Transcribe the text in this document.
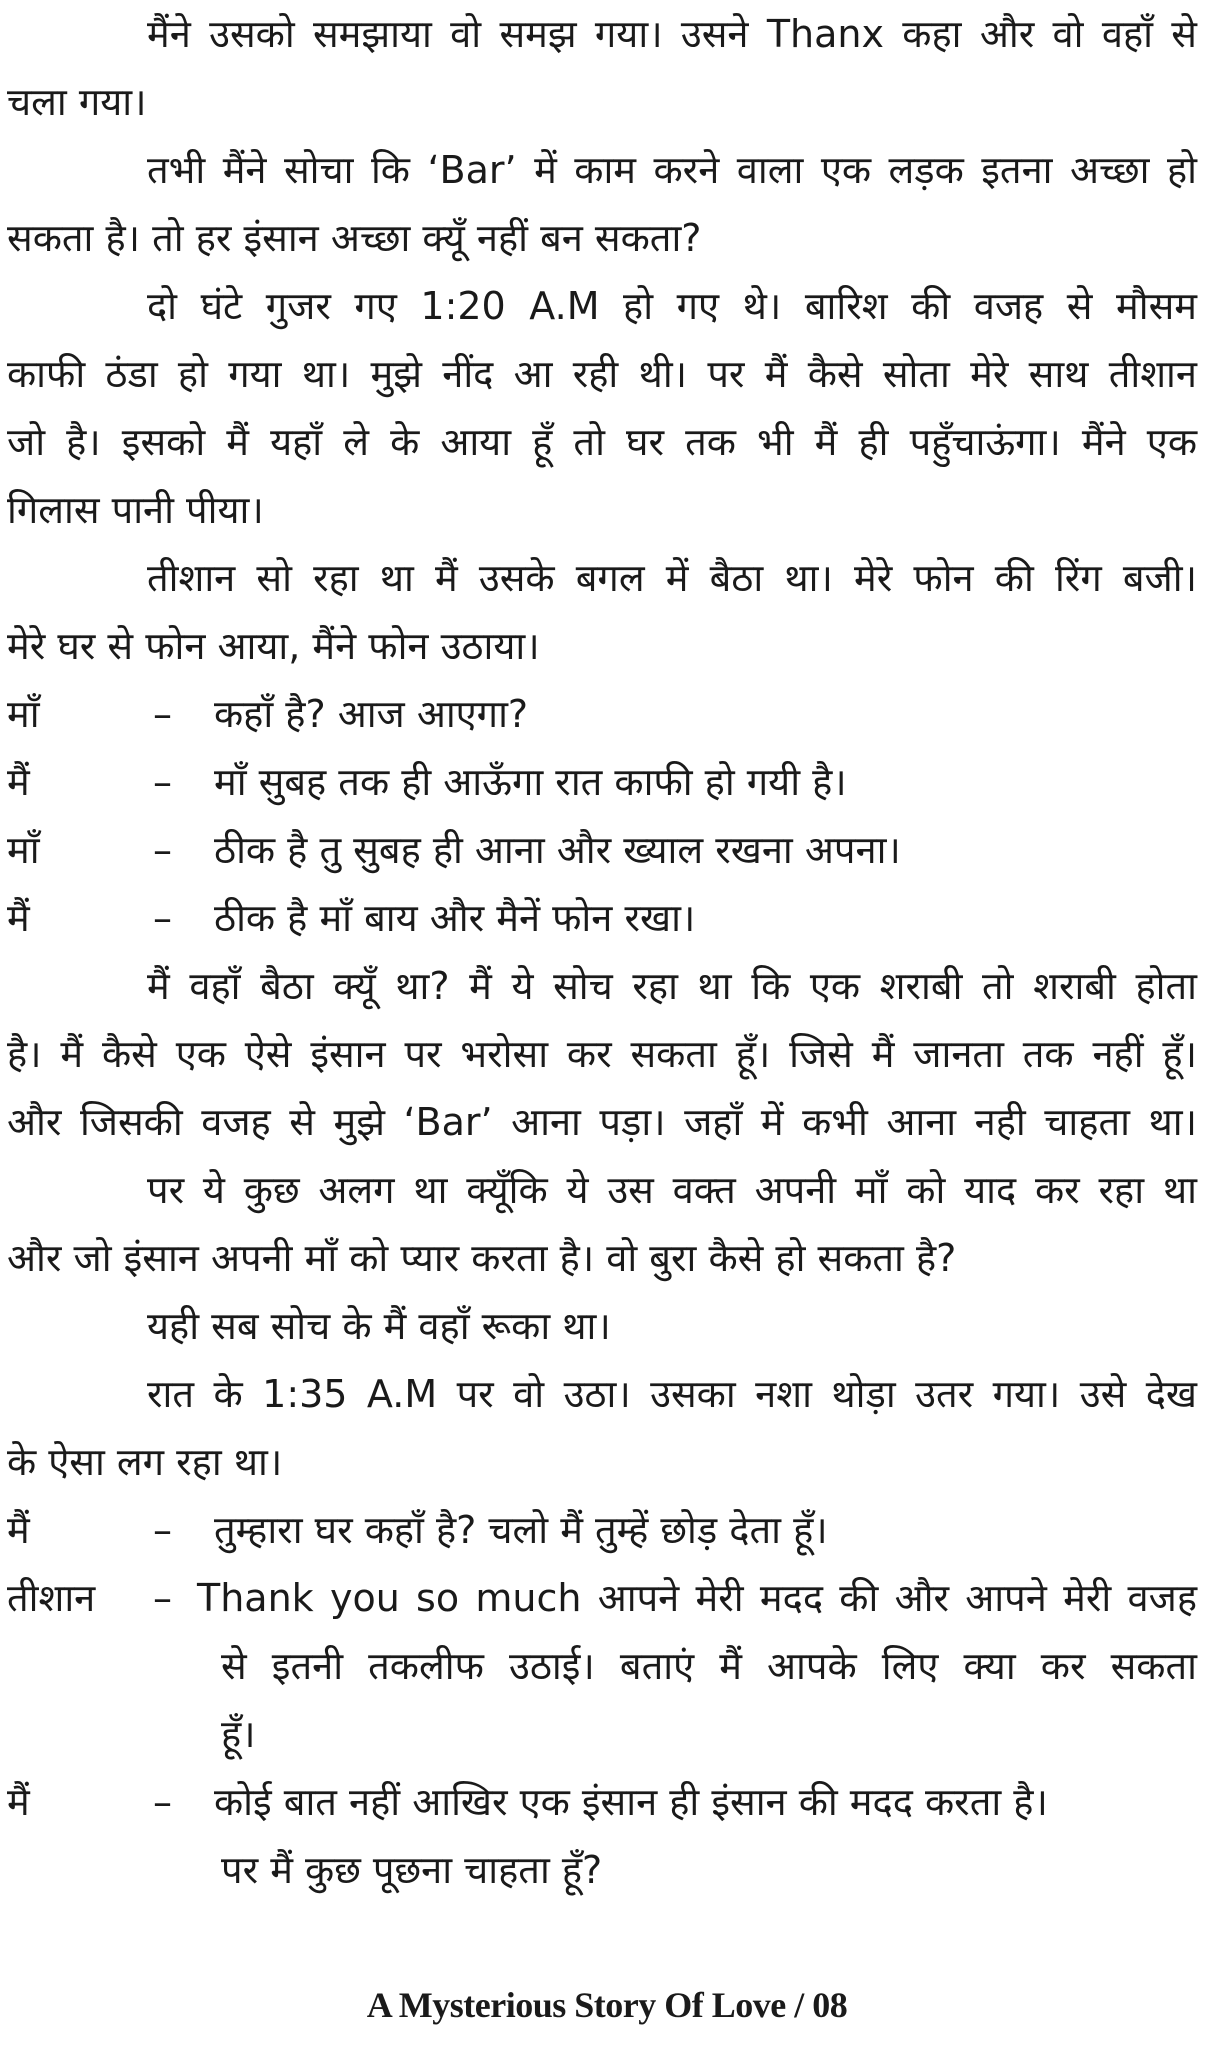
मैंने उसको समझाया वो समझ गया। उसने Thanx कहा और वो वहाँ से
चला गया।
तभी मैंने सोचा कि ‘Bar’ में काम करने वाला एक लड़क इतना अच्छा हो
सकता है। तो हर इंसान अच्छा क्यूँ नहीं बन सकता?
दो घंटे गुजर गए 1:20 A.M हो गए थे। बारिश की वजह से मौसम
काफी ठंडा हो गया था। मुझे नींद आ रही थी। पर मैं कैसे सोता मेरे साथ तीशान
जो है। इसको मैं यहाँ ले के आया हूँ तो घर तक भी मैं ही पहुँचाऊंगा। मैंने एक
गिलास पानी पीया।
तीशान सो रहा था मैं उसके बगल में बैठा था। मेरे फोन की रिंग बजी।
मेरे घर से फोन आया, मैंने फोन उठाया।
माँ	– कहाँ है? आज आएगा?
मैं	– माँ सुबह तक ही आऊँगा रात काफी हो गयी है।
माँ	– ठीक है तु सुबह ही आना और ख्याल रखना अपना।
मैं	– ठीक है माँ बाय और मैनें फोन रखा।
मैं वहाँ बैठा क्यूँ था? मैं ये सोच रहा था कि एक शराबी तो शराबी होता
है। मैं कैसे एक ऐसे इंसान पर भरोसा कर सकता हूँ। जिसे मैं जानता तक नहीं हूँ।
और जिसकी वजह से मुझे ‘Bar’ आना पड़ा। जहाँ में कभी आना नही चाहता था।
पर ये कुछ अलग था क्यूँकि ये उस वक्त अपनी माँ को याद कर रहा था
और जो इंसान अपनी माँ को प्यार करता है। वो बुरा कैसे हो सकता है?
यही सब सोच के मैं वहाँ रूका था।
रात के 1:35 A.M पर वो उठा। उसका नशा थोड़ा उतर गया। उसे देख
के ऐसा लग रहा था।
मैं	– तुम्हारा घर कहाँ है? चलो मैं तुम्हें छोड़ देता हूँ।
तीशान – Thank you so much आपने मेरी मदद की और आपने मेरी वजह
से इतनी तकलीफ उठाई। बताएं मैं आपके लिए क्या कर सकता
हूँ।
मैं	– कोई बात नहीं आखिर एक इंसान ही इंसान की मदद करता है।
पर मैं कुछ पूछना चाहता हूँ?
A Mysterious Story Of Love / 08
